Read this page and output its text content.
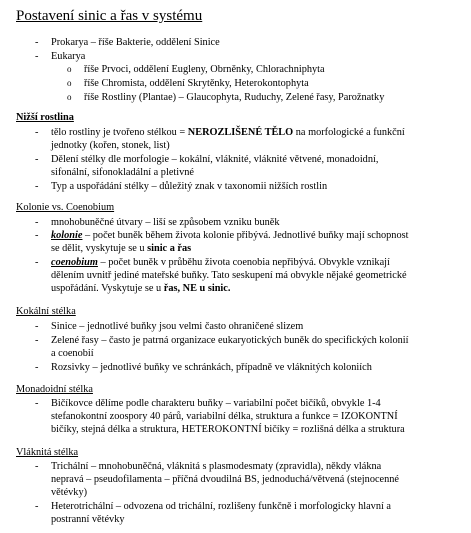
Postavení sinic a řas v systému
- Prokarya – říše Bakterie, oddělení Sinice
- Eukarya
o říše Prvoci, oddělení Eugleny, Obrněnky, Chlorachniphyta
o říše Chromista, oddělení Skrytěnky, Heterokontophyta
o říše Rostliny (Plantae) – Glaucophyta, Ruduchy, Zelené řasy, Parožnatky
Nižší rostlina
- tělo rostliny je tvořeno stélkou = NEROZLIŠENÉ TĚLO na morfologické a funkční
jednotky (kořen, stonek, list)
- Dělení stélky dle morfologie – kokální, vláknité, vláknité větvené, monadoidní,
sifonální, sifonokladální a pletivné
- Typ a uspořádání stélky – důležitý znak v taxonomii nižších rostlin
Kolonie vs. Coenobium
- mnohobuněčné útvary – liší se způsobem vzniku buněk
- kolonie – počet buněk během života kolonie přibývá. Jednotlivé buňky mají schopnost
se dělit, vyskytuje se u sinic a řas
- coenobium – počet buněk v průběhu života coenobia nepřibývá. Obvykle vznikají
dělením uvnitř jediné mateřské buňky. Tato seskupení má obvykle nějaké geometrické
uspořádání. Vyskytuje se u řas, NE u sinic.
Kokální stélka
- Sinice – jednotlivé buňky jsou velmi často ohraničené slizem
- Zelené řasy – často je patrná organizace eukaryotických buněk do specifických kolonií
a coenobií
- Rozsivky – jednotlivé buňky ve schránkách, případně ve vláknitých koloniích
Monadoidní stélka
- Bičíkovce dělíme podle charakteru buňky – variabilní počet bičíků, obvykle 1-4
stefanokontní zoospory 40 párů, variabilní délka, struktura a funkce = IZOKONTNÍ
bičíky, stejná délka a struktura, HETEROKONTNÍ bičíky = rozlišná délka a struktura
Vláknitá stélka
- Trichální – mnohobuněčná, vláknitá s plasmodesmaty (zpravidla), někdy vlákna
nepravá – pseudofilamenta – příčná dvoudilná BS, jednoduchá/větvená (stejnocenné
větévky)
- Heterotrichální – odvozena od trichální, rozlišeny funkčně i morfologicky hlavní a
postranní větévky
